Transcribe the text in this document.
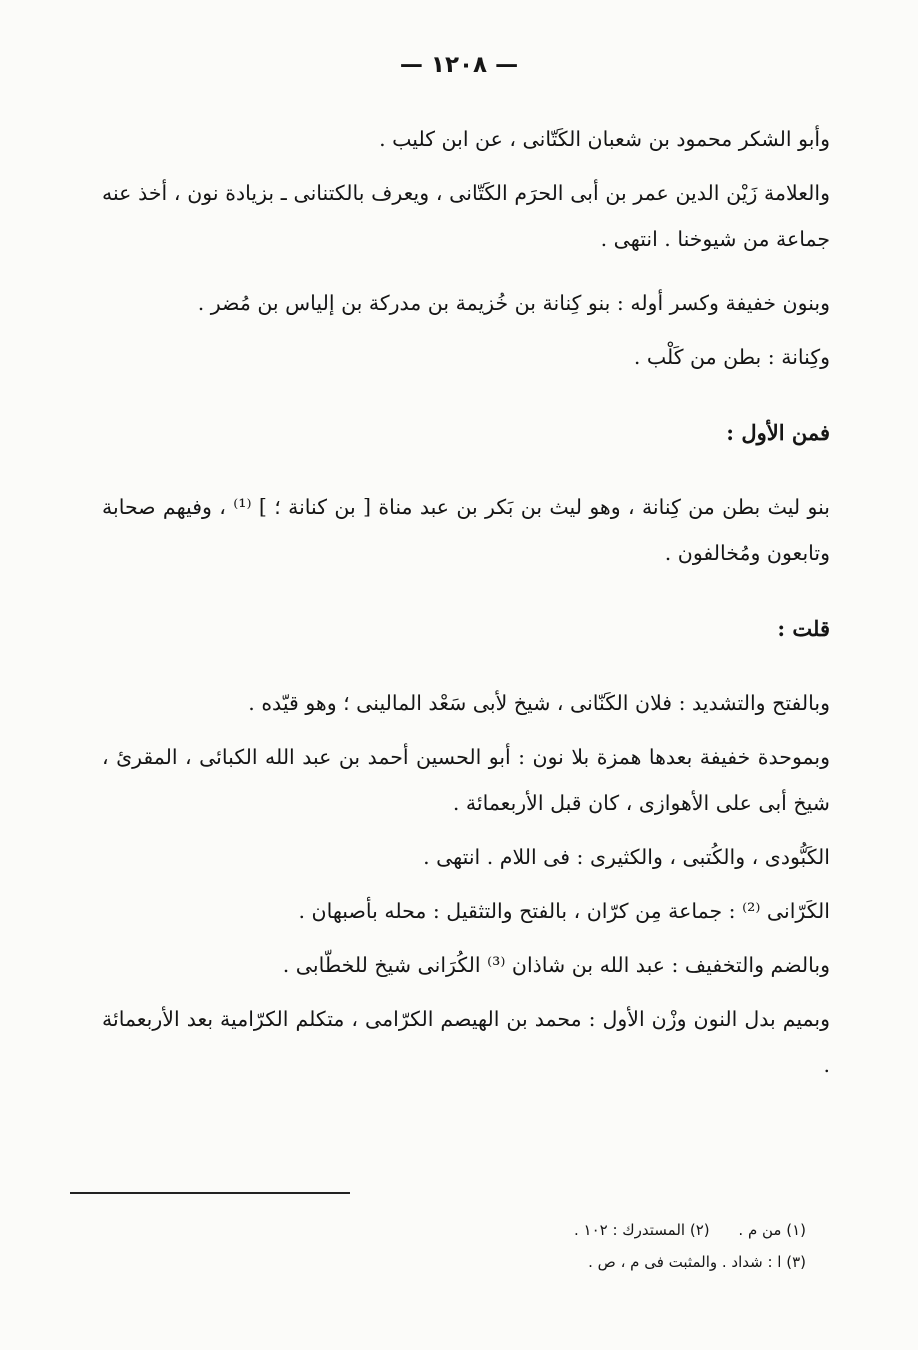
— ١٢٠٨ —

وأبو الشكر محمود بن شعبان الكَتّانى ، عن ابن كليب .

والعلامة زَيْن الدين عمر بن أبى الحرَم الكَتّانى ، ويعرف بالكتنانى ـ بزيادة نون ، أخذ عنه جماعة من شيوخنا . انتهى .

وبنون خفيفة وكسر أوله : بنو كِنانة بن خُزيمة بن مدركة بن إلياس بن مُضر .

وكِنانة : بطن من كَلْب .

فمن الأول :

بنو ليث بطن من كِنانة ، وهو ليث بن بَكر بن عبد مناة [ بن كنانة ؛ ] ⁽¹⁾ ، وفيهم صحابة وتابعون ومُخالفون .

قلت :

وبالفتح والتشديد : فلان الكَنّانى ، شيخ لأبى سَعْد المالينى ؛ وهو قيّده .

وبموحدة خفيفة بعدها همزة بلا نون : أبو الحسين أحمد بن عبد الله الكبائى ، المقرئ ، شيخ أبى على الأهوازى ، كان قبل الأربعمائة .

الكَبُّودى ، والكُتبى ، والكثيرى : فى اللام . انتهى .

الكَرّانى ⁽²⁾ : جماعة مِن كرّان ، بالفتح والتثقيل : محله بأصبهان .

وبالضم والتخفيف : عبد الله بن شاذان ⁽³⁾ الكُرَانى شيخ للخطّابى .

وبميم بدل النون وزْن الأول : محمد بن الهيصم الكرّامى ، متكلم الكرّامية بعد الأربعمائة .

(١) من م . (٢) المستدرك : ١٠٢ .

(٣) ا : شداد . والمثبت فى م ، ص .
